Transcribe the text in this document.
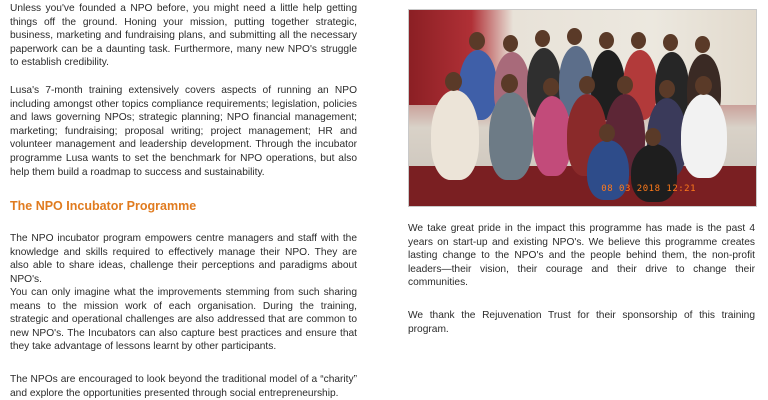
Unless you've founded a NPO before, you might need a little help getting things off the ground. Honing your mission, putting together strategic, business, marketing and fundraising plans, and submitting all the necessary paperwork can be a daunting task. Furthermore, many new NPO's struggle to establish credibility.

Lusa's 7-month training extensively covers aspects of running an NPO including amongst other topics compliance requirements; legislation, policies and laws governing NPOs; strategic planning; NPO financial management; marketing; fundraising; proposal writing; project management; HR and volunteer management and leadership development. Through the incubator programme Lusa wants to set the benchmark for NPO operations, but also help them build a roadmap to success and sustainability.

The NPO Incubator Programme

The NPO incubator program empowers centre managers and staff with the knowledge and skills required to effectively manage their NPO. They are also able to share ideas, challenge their perceptions and paradigms about NPO's.

You can only imagine what the improvements stemming from such sharing means to the mission work of each organisation. During the training, strategic and operational challenges are also addressed that are common to new NPO's. The Incubators can also capture best practices and ensure that they take advantage of lessons learnt by other participants.

The NPOs are encouraged to look beyond the traditional model of a “charity” and explore the opportunities presented through social entrepreneurship.

08 03 2018 12:21

We take great pride in the impact this programme has made is the past 4 years on start-up and existing NPO's. We believe this programme creates lasting change to the NPO's and the people behind them, the non-profit leaders—their vision, their courage and their drive to change their communities.

We thank the Rejuvenation Trust for their sponsorship of this training program.
